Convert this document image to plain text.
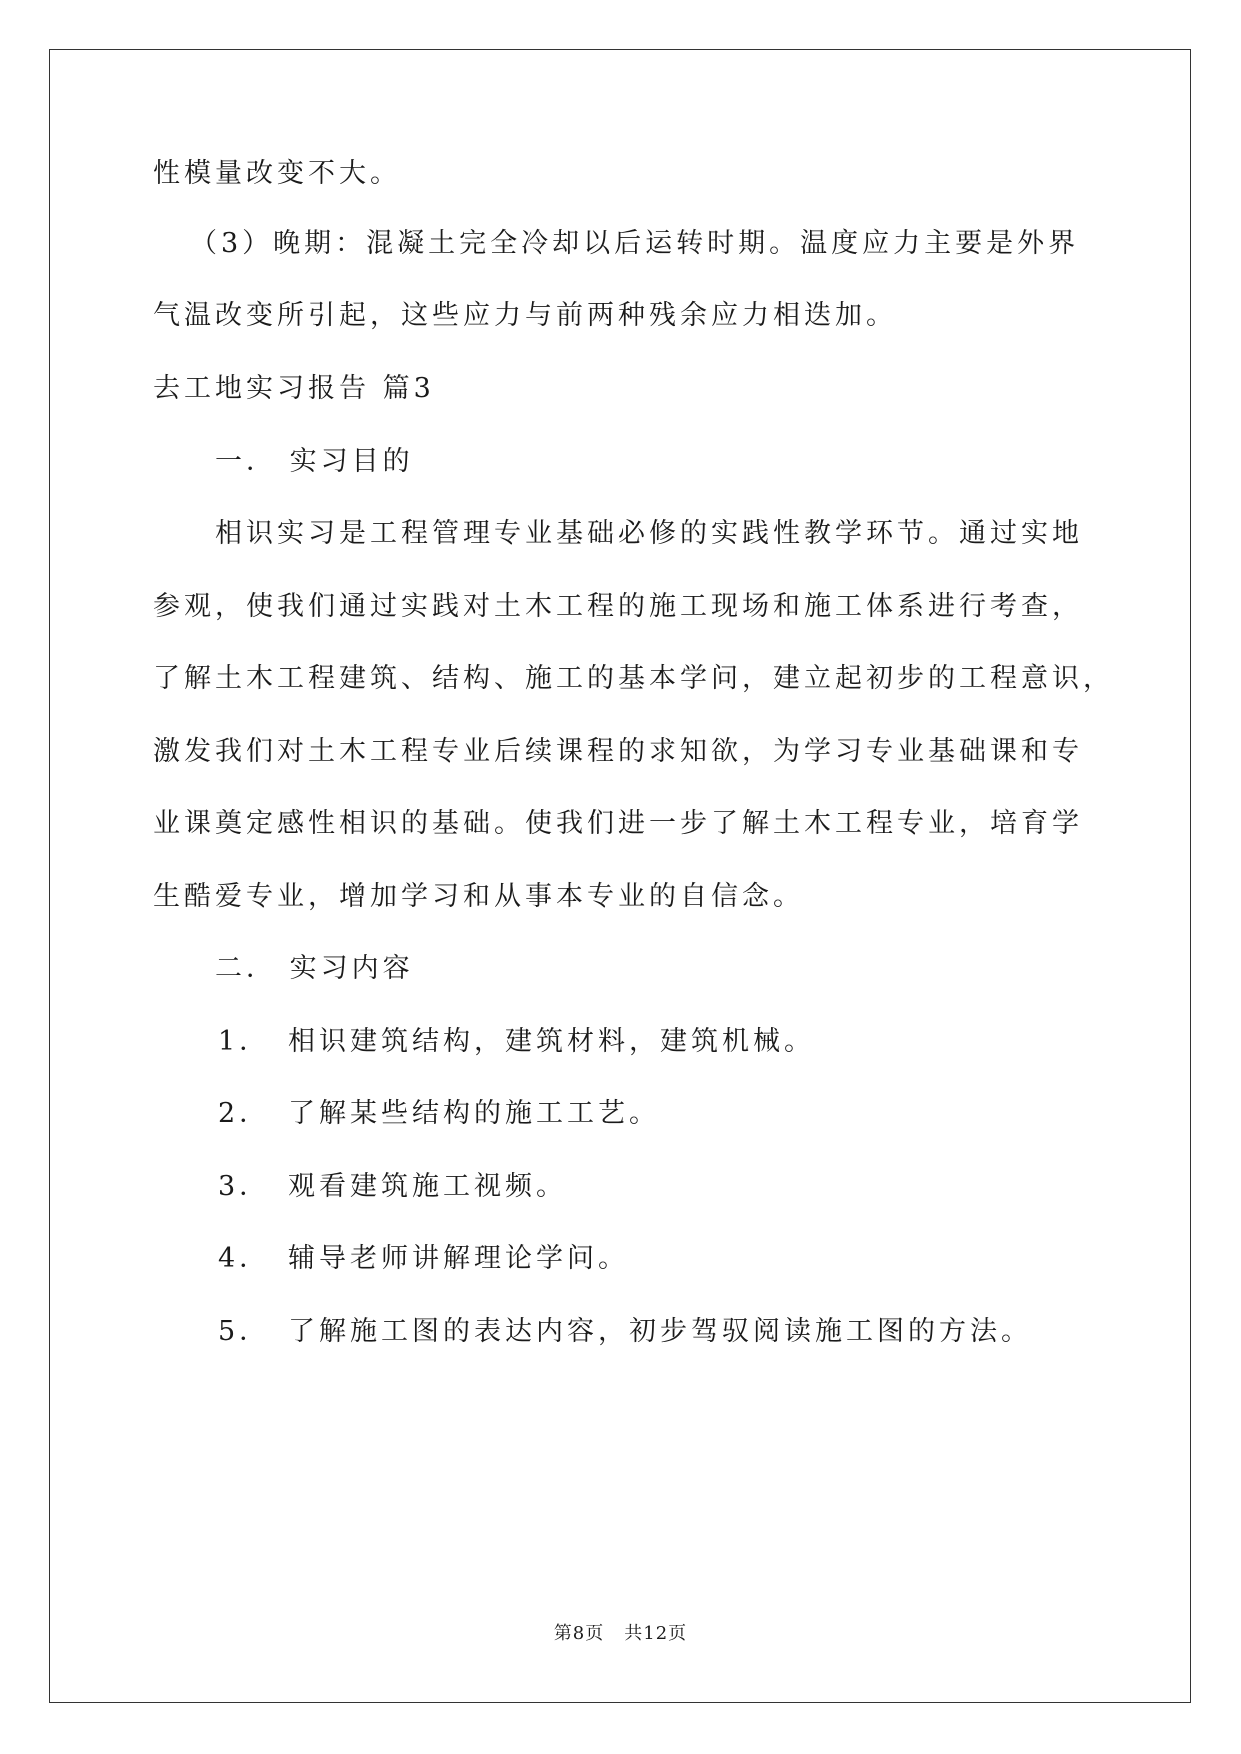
性模量改变不大。
（3）晚期：混凝土完全冷却以后运转时期。温度应力主要是外界
气温改变所引起，这些应力与前两种残余应力相迭加。
去工地实习报告 篇3
一． 实习目的
相识实习是工程管理专业基础必修的实践性教学环节。通过实地
参观，使我们通过实践对土木工程的施工现场和施工体系进行考查，
了解土木工程建筑、结构、施工的基本学问，建立起初步的工程意识，
激发我们对土木工程专业后续课程的求知欲，为学习专业基础课和专
业课奠定感性相识的基础。使我们进一步了解土木工程专业，培育学
生酷爱专业，增加学习和从事本专业的自信念。
二． 实习内容
1． 相识建筑结构，建筑材料，建筑机械。
2． 了解某些结构的施工工艺。
3． 观看建筑施工视频。
4． 辅导老师讲解理论学问。
5． 了解施工图的表达内容，初步驾驭阅读施工图的方法。
第8页 共12页
